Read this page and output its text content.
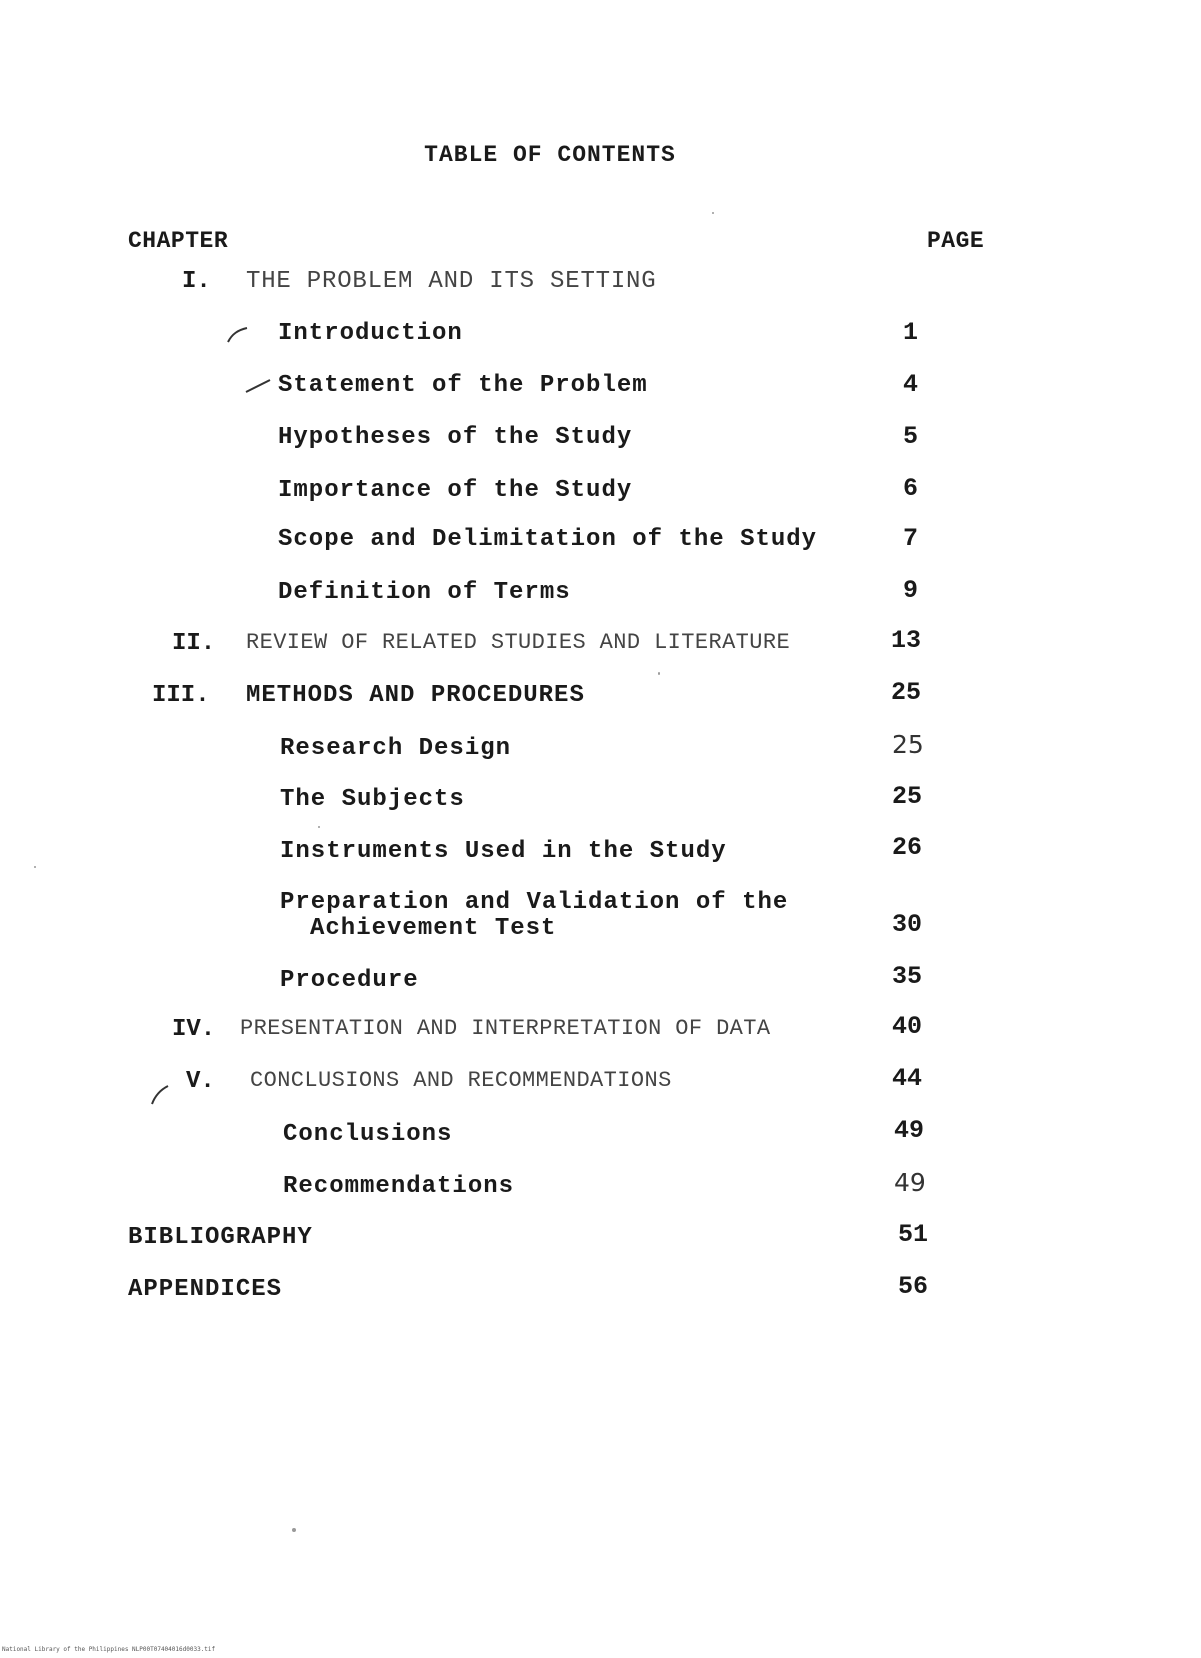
TABLE OF CONTENTS
CHAPTER	PAGE
I. THE PROBLEM AND ITS SETTING
Introduction	1
Statement of the Problem	4
Hypotheses of the Study	5
Importance of the Study	6
Scope and Delimitation of the Study	7
Definition of Terms	9
II. REVIEW OF RELATED STUDIES AND LITERATURE	13
III. METHODS AND PROCEDURES	25
Research Design	25
The Subjects	25
Instruments Used in the Study	26
Preparation and Validation of the
Achievement Test	30
Procedure	35
IV. PRESENTATION AND INTERPRETATION OF DATA	40
V. CONCLUSIONS AND RECOMMENDATIONS	44
Conclusions	49
Recommendations	49
BIBLIOGRAPHY	51
APPENDICES	56
National Library of the Philippines NLP00T07404016d0033.tif
